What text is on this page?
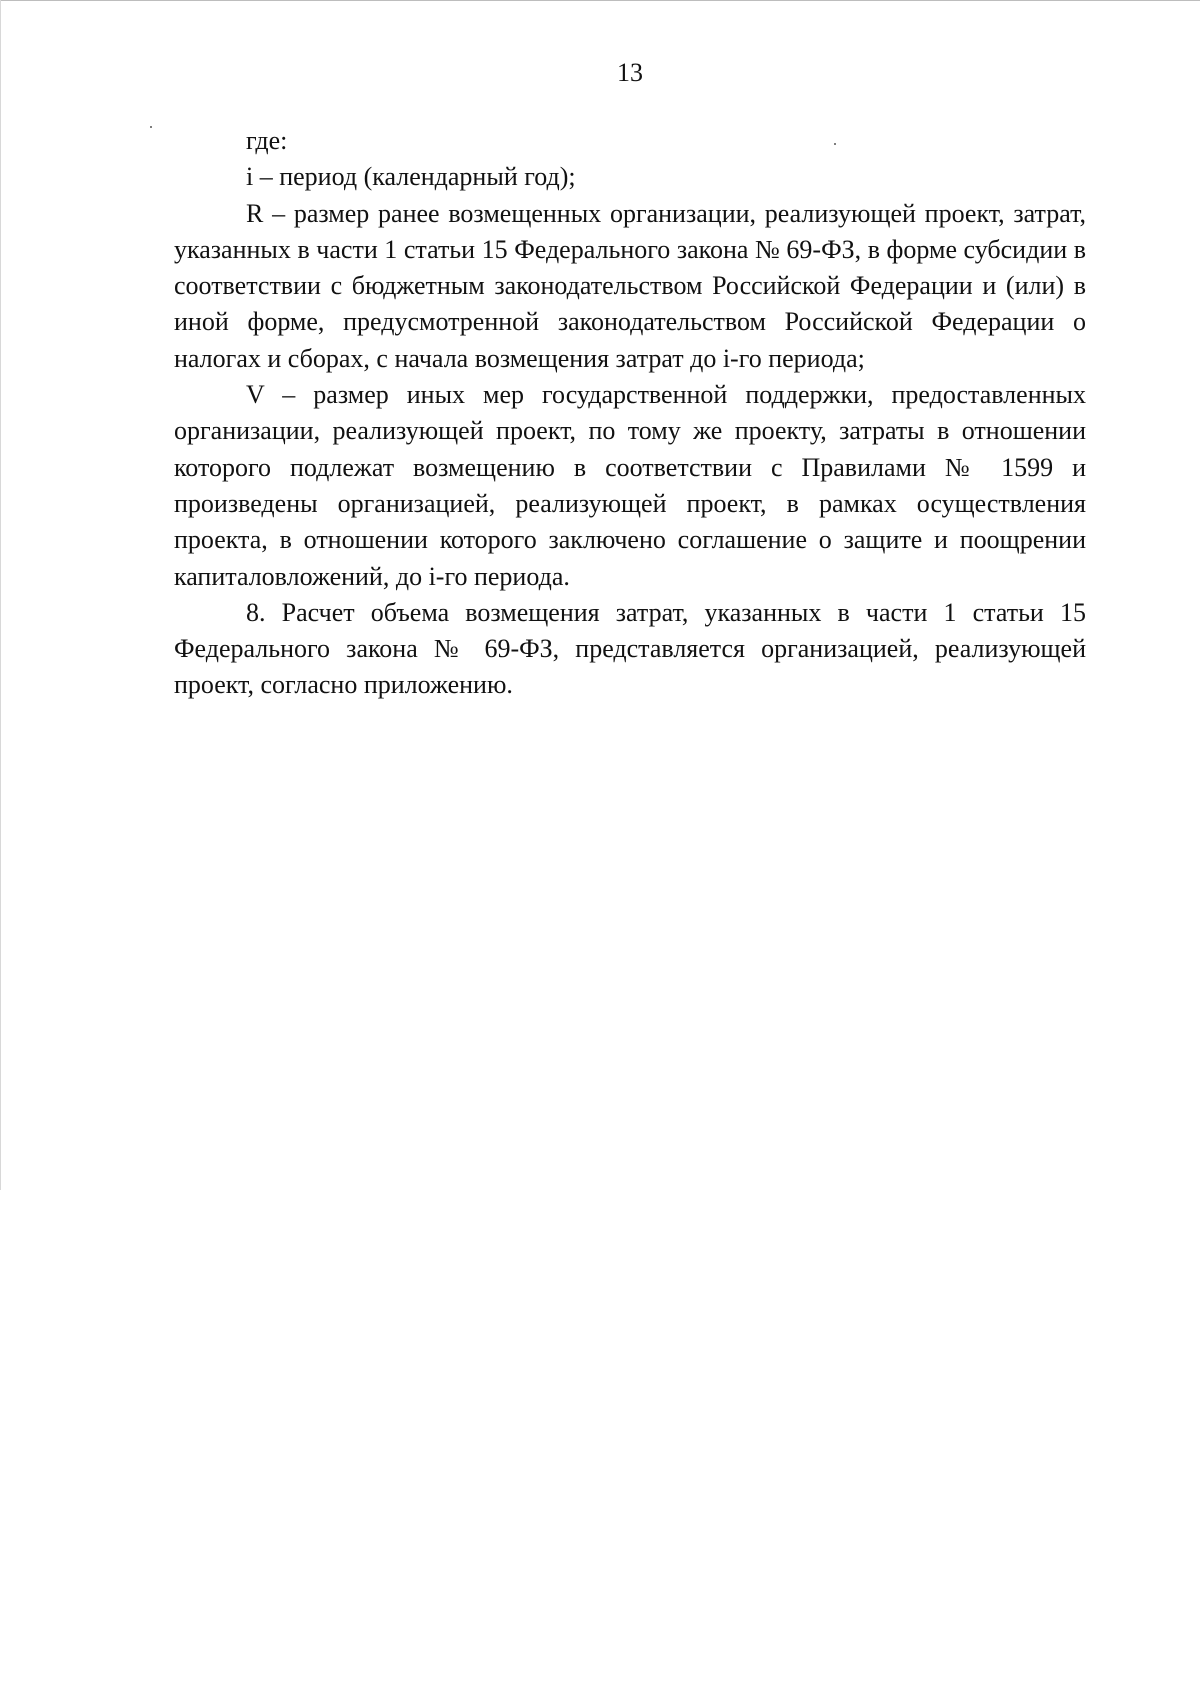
13

где:

i – период (календарный год);

R – размер ранее возмещенных организации, реализующей проект, затрат, указанных в части 1 статьи 15 Федерального закона № 69-ФЗ, в форме субсидии в соответствии с бюджетным законодательством Российской Федерации и (или) в иной форме, предусмотренной законодательством Российской Федерации о налогах и сборах, с начала возмещения затрат до i-го периода;

V – размер иных мер государственной поддержки, предоставленных организации, реализующей проект, по тому же проекту, затраты в отношении которого подлежат возмещению в соответствии с Правилами № 1599 и произведены организацией, реализующей проект, в рамках осуществления проекта, в отношении которого заключено соглашение о защите и поощрении капиталовложений, до i-го периода.

8. Расчет объема возмещения затрат, указанных в части 1 статьи 15 Федерального закона № 69-ФЗ, представляется организацией, реализующей проект, согласно приложению.
